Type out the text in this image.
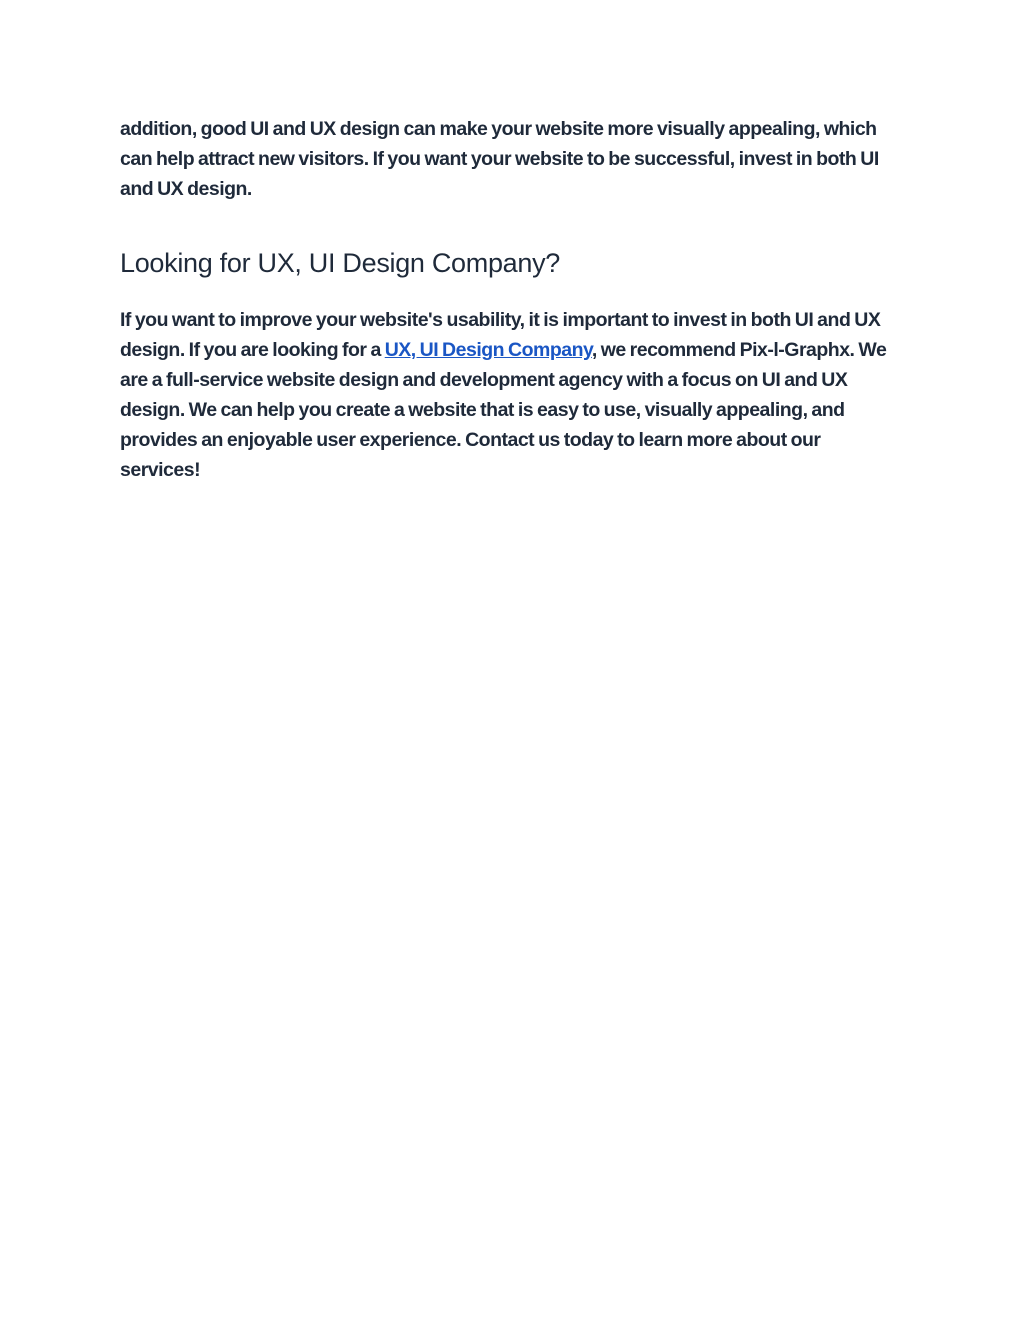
addition, good UI and UX design can make your website more visually appealing, which can help attract new visitors. If you want your website to be successful, invest in both UI and UX design.

Looking for UX, UI Design Company?

If you want to improve your website's usability, it is important to invest in both UI and UX design. If you are looking for a UX, UI Design Company, we recommend Pix-l-Graphx. We are a full-service website design and development agency with a focus on UI and UX design. We can help you create a website that is easy to use, visually appealing, and provides an enjoyable user experience. Contact us today to learn more about our services!
